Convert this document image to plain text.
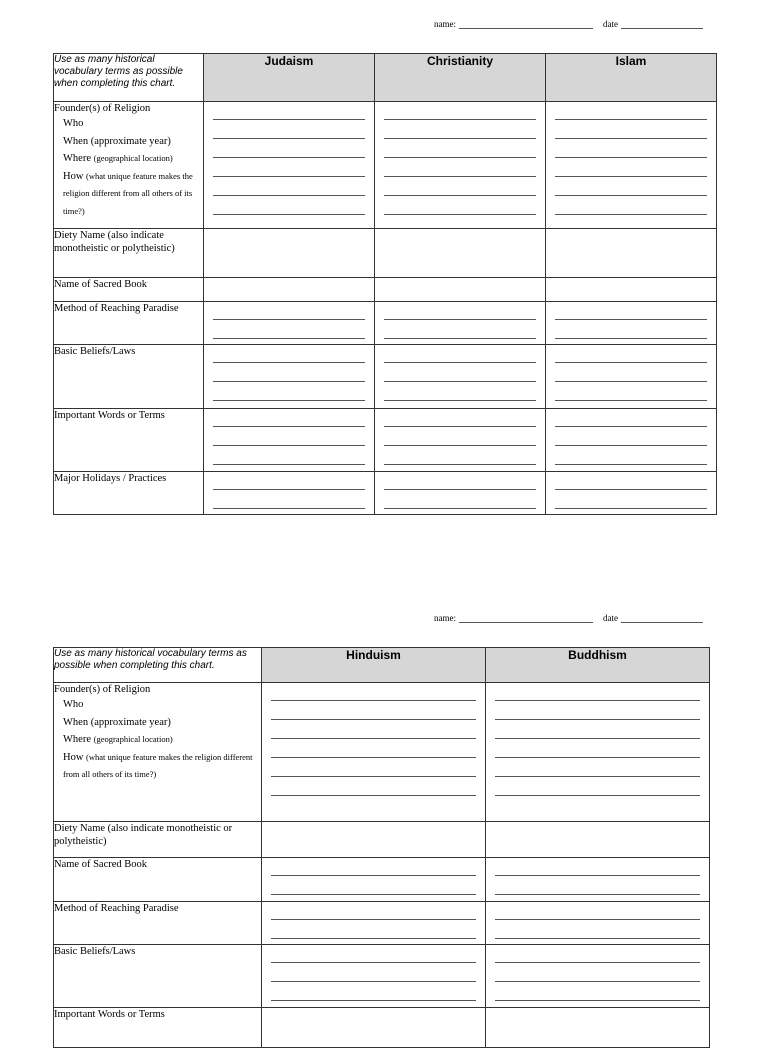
name:	date
Use as many historical vocabulary terms as possible when completing this chart.	Judaism	Christianity	Islam

Founder(s) of Religion
Who
When (approximate year)
Where (geographical location)
How (what unique feature makes the religion different from all others of its time?)			

Diety Name (also indicate monotheistic or polytheistic)			
Name of Sacred Book			
Method of Reaching Paradise	

Basic Beliefs/Laws	

Important Words or Terms	

Major Holidays / Practices	

name:	date
Use as many historical vocabulary terms as possible when completing this chart.	Hinduism	Buddhism

Founder(s) of Religion
Who
When (approximate year)
Where (geographical location)
How (what unique feature makes the religion different from all others of its time?)		

Diety Name (also indicate monotheistic or polytheistic)		
Name of Sacred Book	

Method of Reaching Paradise	

Basic Beliefs/Laws	

Important Words or Terms		
